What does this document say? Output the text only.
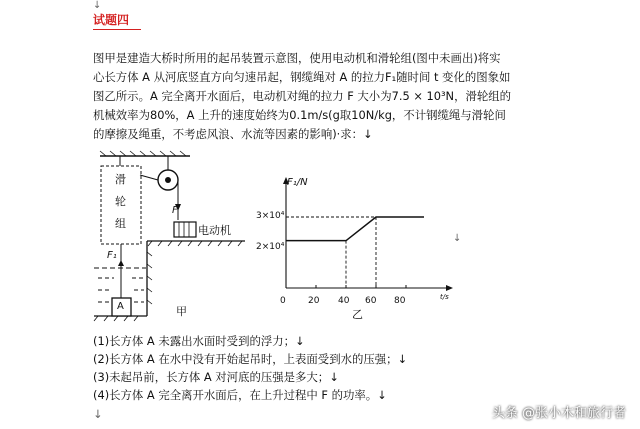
↓
试题四
图甲是建造大桥时所用的起吊装置示意图，使用电动机和滑轮组(图中未画出)将实
心长方体 A 从河底竖直方向匀速吊起，钢缆绳对 A 的拉力F₁随时间 t 变化的图象如
图乙所示。A 完全离开水面后，电动机对绳的拉力 F 大小为7.5 × 10³N，滑轮组的
机械效率为80%，A 上升的速度始终为0.1m/s(g取10N/kg，不计钢缆绳与滑轮间
的摩擦及绳重，不考虑风浪、水流等因素的影响)·求：↓
滑
轮
组
F
电动机
F₁
A	甲
F₁/N
t/s
3×10⁴
2×10⁴
0 20 40 60 80
乙
↓
(1)长方体 A 未露出水面时受到的浮力；↓
(2)长方体 A 在水中没有开始起吊时，上表面受到水的压强；↓
(3)未起吊前，长方体 A 对河底的压强是多大；↓
(4)长方体 A 完全离开水面后，在上升过程中 F 的功率。↓
↓	头条 @张小木和旅行者
